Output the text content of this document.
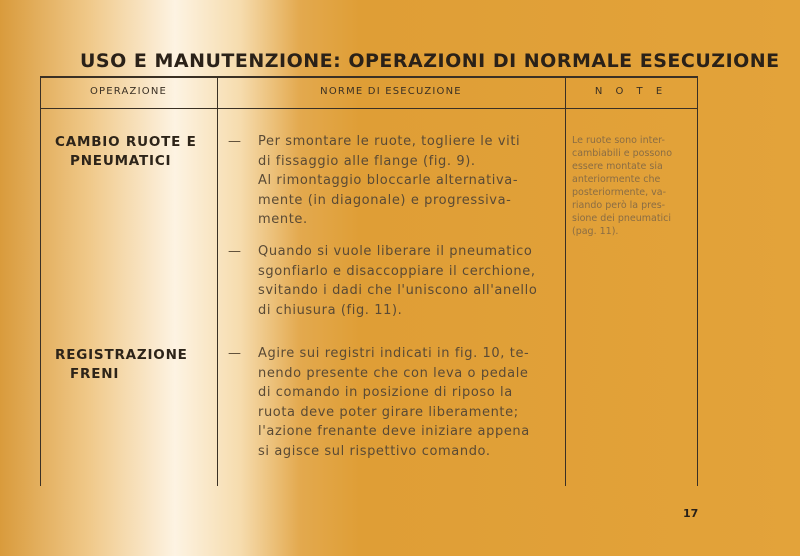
USO E MANUTENZIONE: OPERAZIONI DI NORMALE ESECUZIONE
OPERAZIONE	NORME DI ESECUZIONE	N O T E
CAMBIO RUOTE E
PNEUMATICI
— Per smontare le ruote, togliere le viti
di fissaggio alle flange (fig. 9).
Al rimontaggio bloccarle alternativa-
mente (in diagonale) e progressiva-
mente.
— Quando si vuole liberare il pneumatico
sgonfiarlo e disaccoppiare il cerchione,
svitando i dadi che l'uniscono all'anello
di chiusura (fig. 11).
Le ruote sono inter-
cambiabili e possono
essere montate sia
anteriormente che
posteriormente, va-
riando però la pres-
sione dei pneumatici
(pag. 11).
REGISTRAZIONE
FRENI
— Agire sui registri indicati in fig. 10, te-
nendo presente che con leva o pedale
di comando in posizione di riposo la
ruota deve poter girare liberamente;
l'azione frenante deve iniziare appena
si agisce sul rispettivo comando.
17
